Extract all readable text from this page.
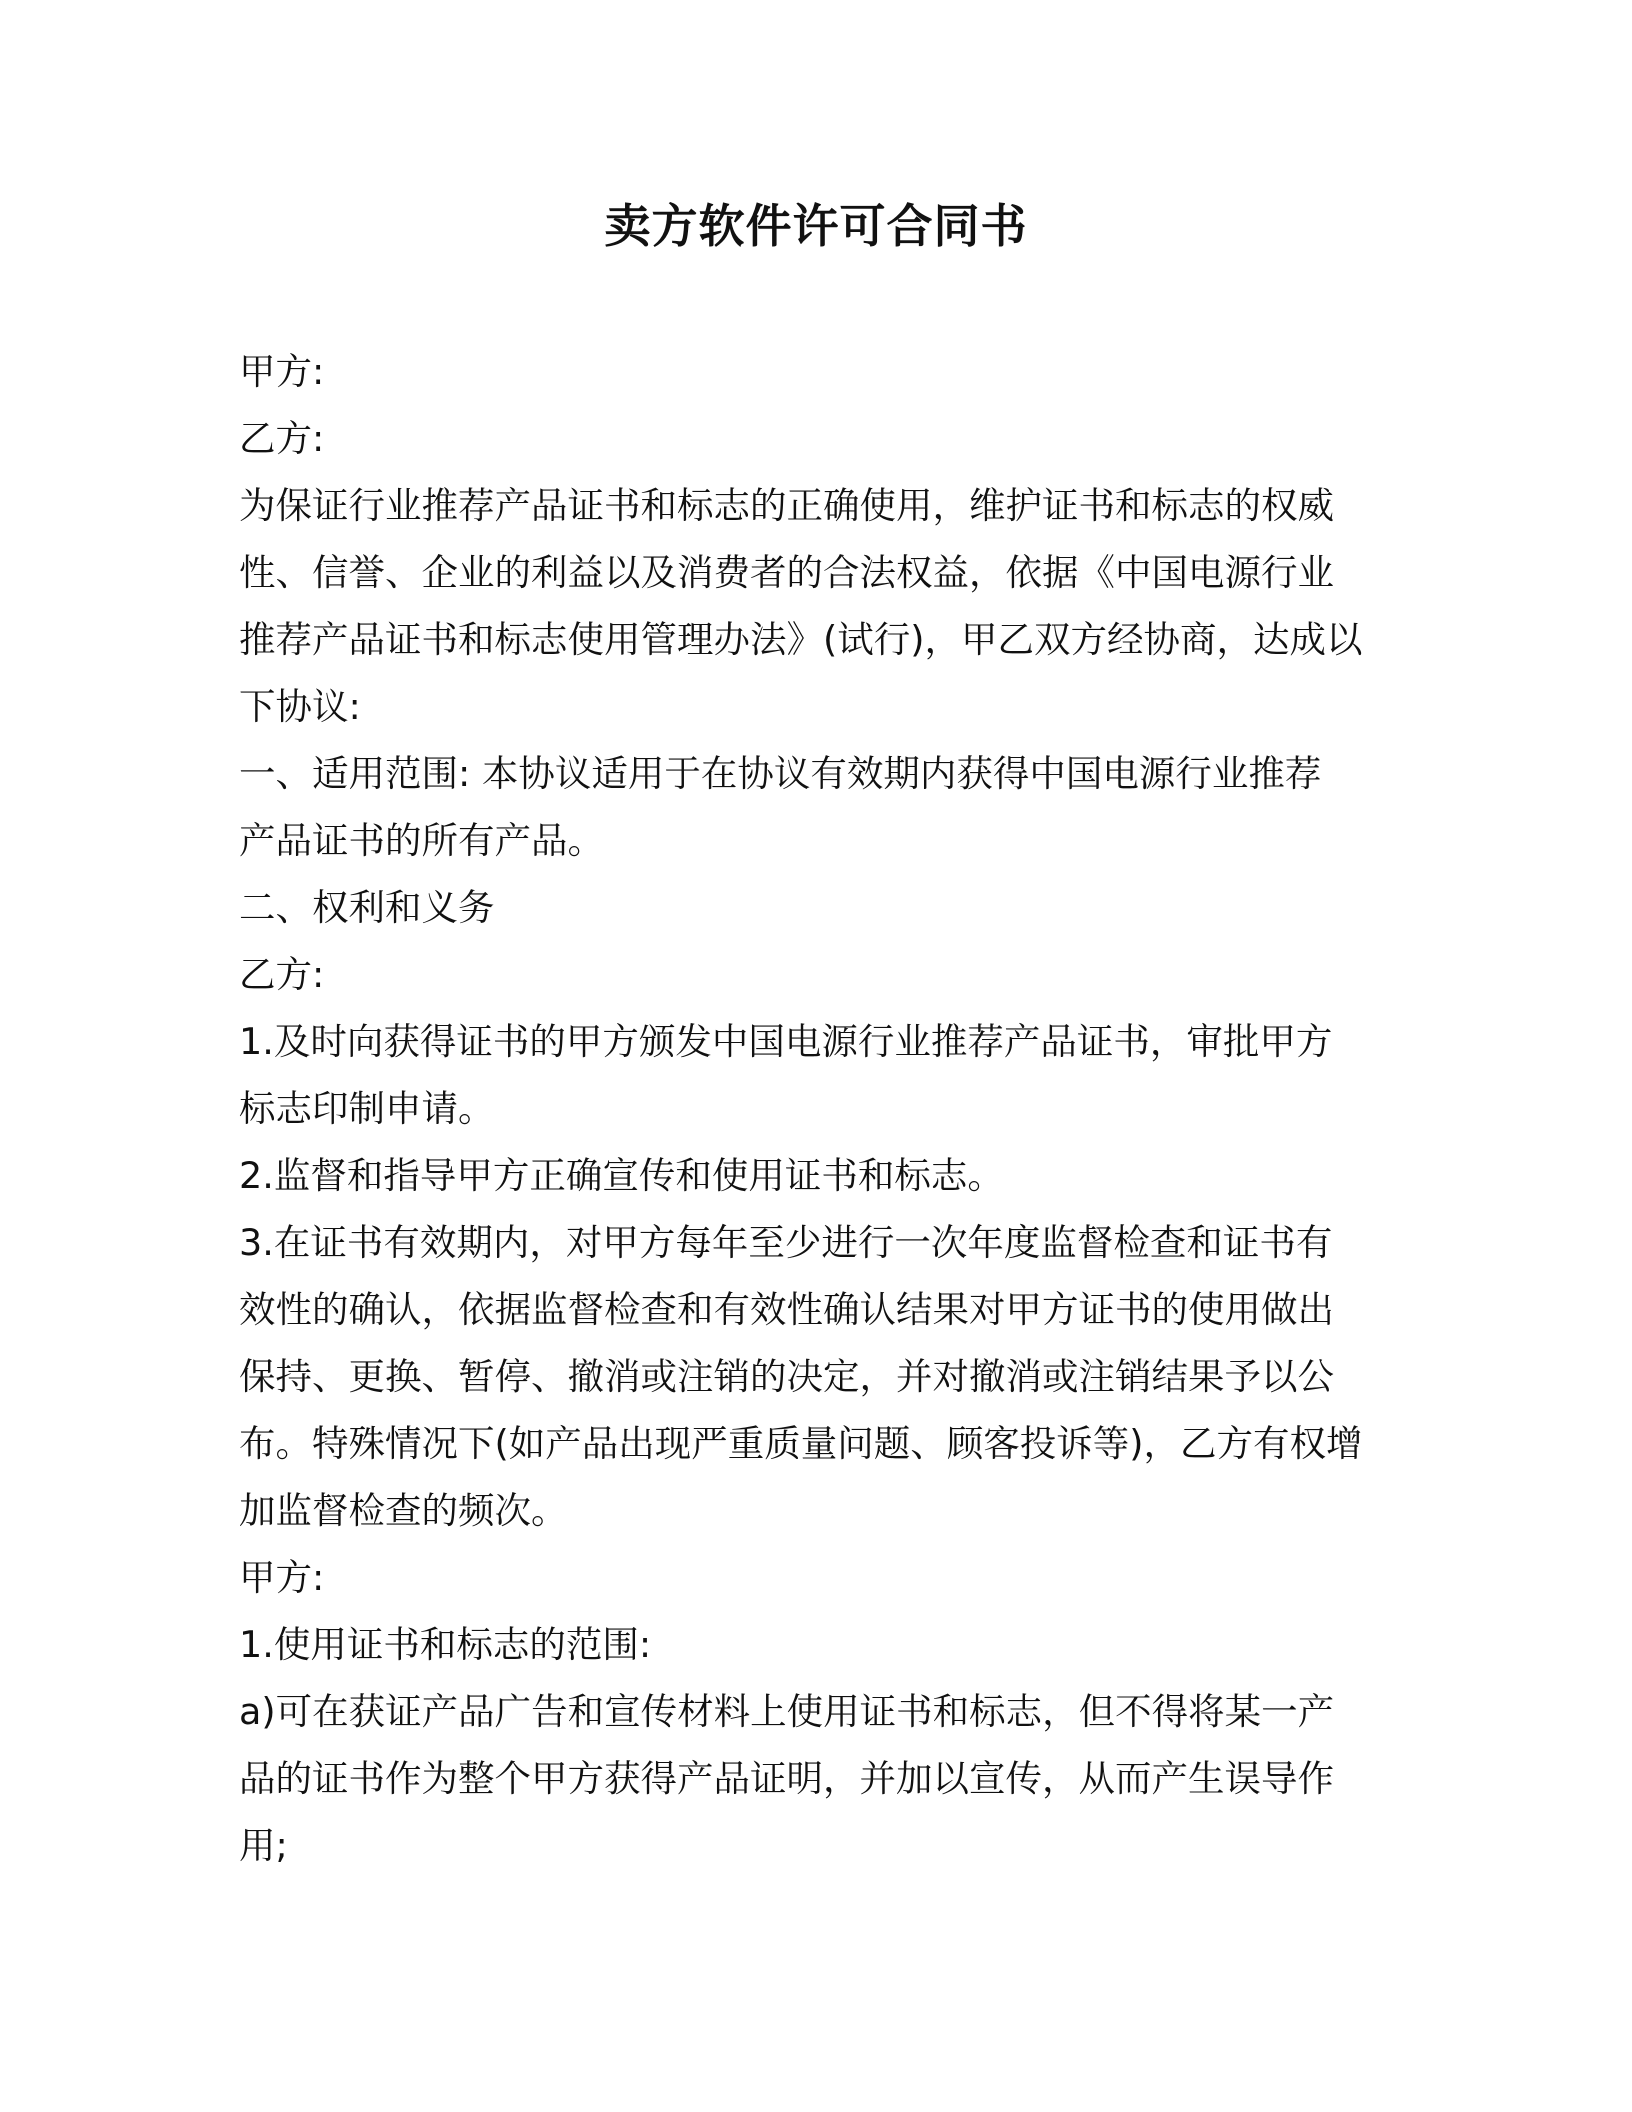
卖方软件许可合同书

甲方:

乙方:

为保证行业推荐产品证书和标志的正确使用，维护证书和标志的权威

性、信誉、企业的利益以及消费者的合法权益，依据《中国电源行业

推荐产品证书和标志使用管理办法》(试行)，甲乙双方经协商，达成以

下协议:

一、适用范围: 本协议适用于在协议有效期内获得中国电源行业推荐

产品证书的所有产品。

二、权利和义务

乙方:

1.及时向获得证书的甲方颁发中国电源行业推荐产品证书，审批甲方

标志印制申请。

2.监督和指导甲方正确宣传和使用证书和标志。

3.在证书有效期内，对甲方每年至少进行一次年度监督检查和证书有

效性的确认，依据监督检查和有效性确认结果对甲方证书的使用做出

保持、更换、暂停、撤消或注销的决定，并对撤消或注销结果予以公

布。特殊情况下(如产品出现严重质量问题、顾客投诉等)，乙方有权增

加监督检查的频次。

甲方:

1.使用证书和标志的范围:

a)可在获证产品广告和宣传材料上使用证书和标志，但不得将某一产

品的证书作为整个甲方获得产品证明，并加以宣传，从而产生误导作

用;
